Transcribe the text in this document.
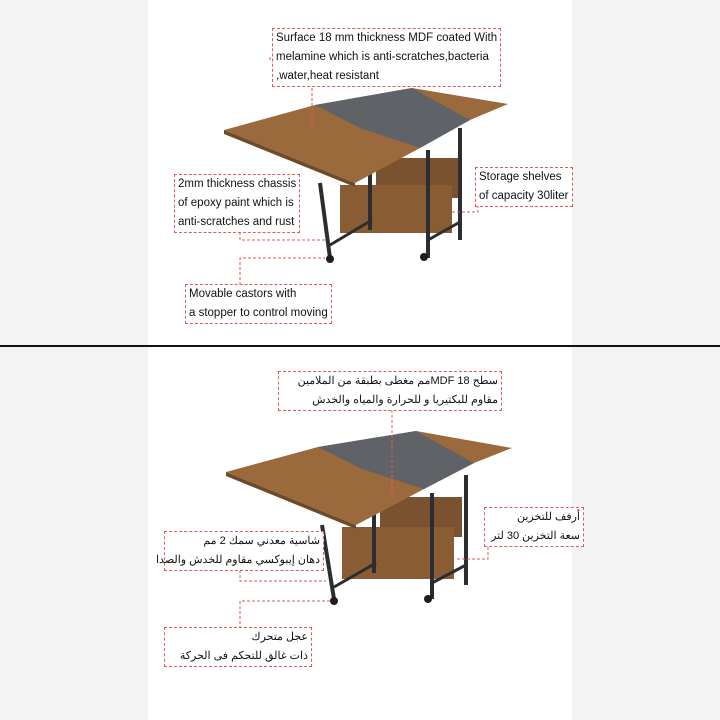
Surface 18 mm thickness MDF coated With
melamine which is anti-scratches,bacteria
,water,heat resistant
Storage shelves
of capacity 30liter
2mm thickness chassis
of epoxy paint which is
anti-scratches and rust
Movable castors with
a stopper to control moving
سطح MDF 18مم مغطى بطبقة من الملامين
مقاوم للبكتيريا و للحرارة والمياه والخدش
أرفف للتخزين
سعة التخزين 30 لتر
شاسية معدني سمك 2 مم
دهان إيبوكسي مقاوم للخدش والصدا
عجل متحرك
ذات غالق للتحكم فى الحركة
